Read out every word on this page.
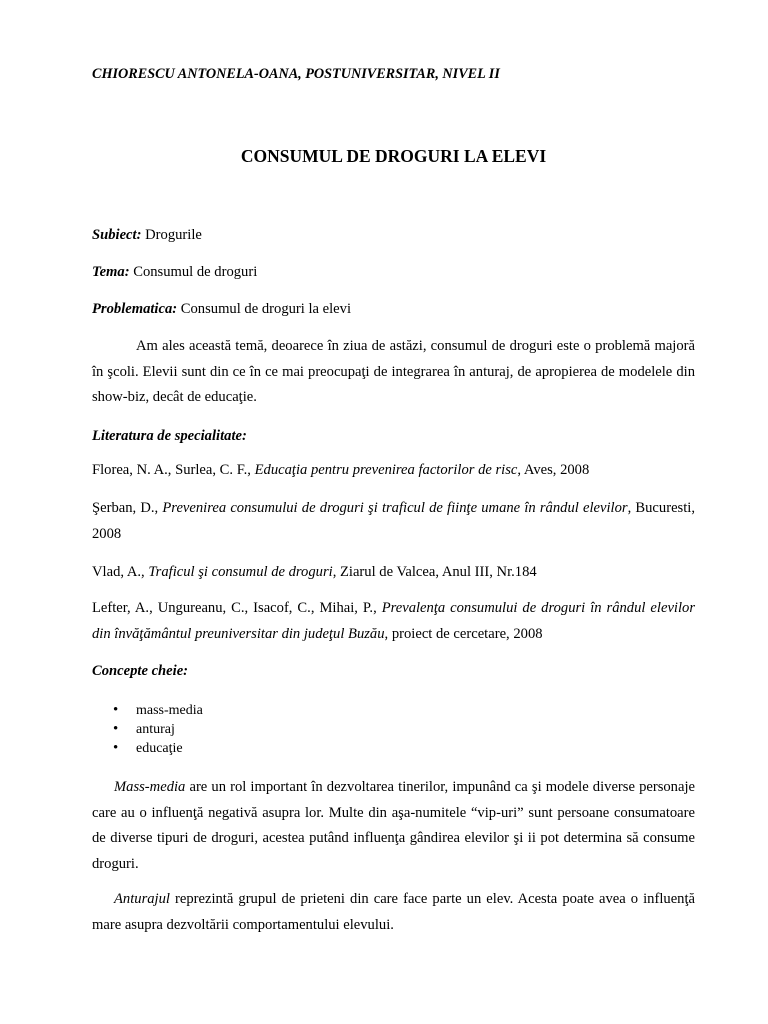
CHIORESCU ANTONELA-OANA, POSTUNIVERSITAR, NIVEL II
CONSUMUL DE DROGURI LA ELEVI
Subiect: Drogurile
Tema: Consumul de droguri
Problematica: Consumul de droguri la elevi
Am ales această temă, deoarece în ziua de astăzi, consumul de droguri este o problemă majoră în şcoli. Elevii sunt din ce în ce mai preocupaţi de integrarea în anturaj, de apropierea de modelele din show-biz, decât de educaţie.
Literatura de specialitate:
Florea, N. A., Surlea, C. F., Educaţia pentru prevenirea factorilor de risc, Aves, 2008
Şerban, D., Prevenirea consumului de droguri şi traficul de fiinţe umane în rândul elevilor, Bucuresti, 2008
Vlad, A., Traficul şi consumul de droguri, Ziarul de Valcea, Anul III, Nr.184
Lefter, A., Ungureanu, C., Isacof, C., Mihai, P., Prevalenţa consumului de droguri în rândul elevilor din învăţământul preuniversitar din judeţul Buzău, proiect de cercetare, 2008
Concepte cheie:
• mass-media
• anturaj
• educaţie
Mass-media are un rol important în dezvoltarea tinerilor, impunând ca şi modele diverse personaje care au o influenţă negativă asupra lor. Multe din aşa-numitele “vip-uri” sunt persoane consumatoare de diverse tipuri de droguri, acestea putând influenţa gândirea elevilor şi ii pot determina să consume droguri.
Anturajul reprezintă grupul de prieteni din care face parte un elev. Acesta poate avea o influenţă mare asupra dezvoltării comportamentului elevului.
